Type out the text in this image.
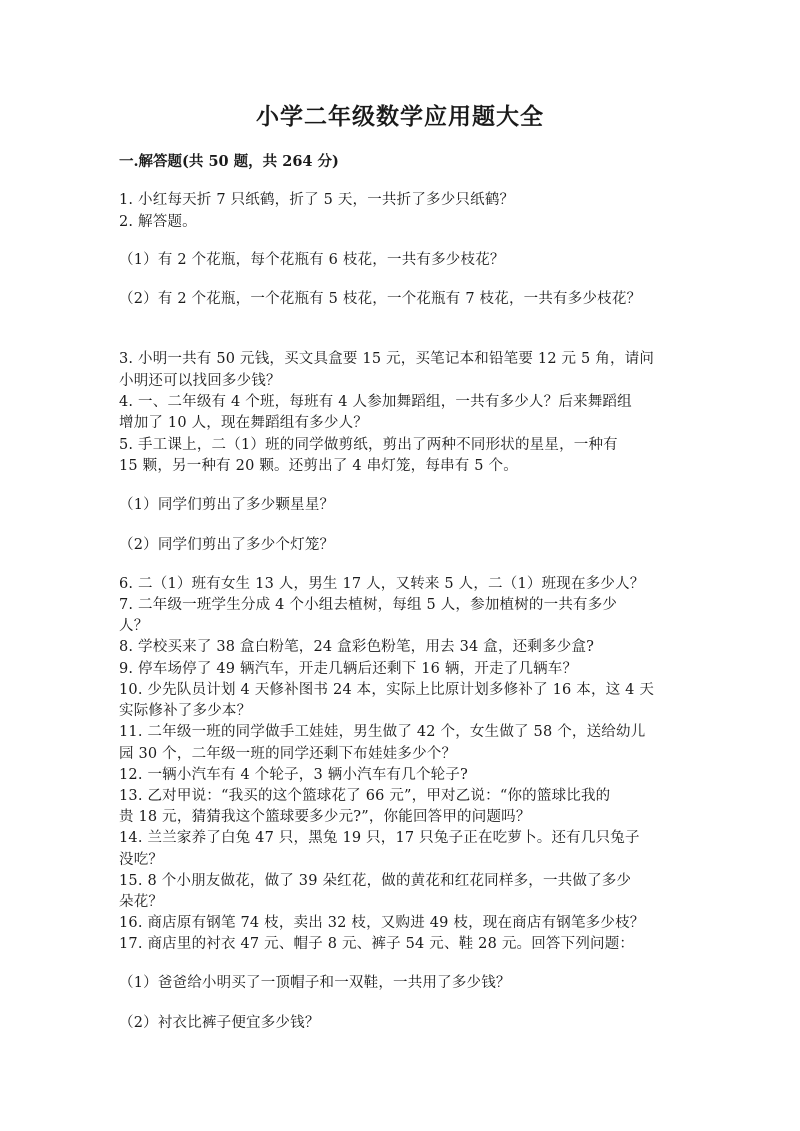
小学二年级数学应用题大全
一.解答题(共 50 题，共 264 分)
1. 小红每天折 7 只纸鹤，折了 5 天，一共折了多少只纸鹤？
2. 解答题。
（1）有 2 个花瓶，每个花瓶有 6 枝花，一共有多少枝花？
（2）有 2 个花瓶，一个花瓶有 5 枝花，一个花瓶有 7 枝花，一共有多少枝花？
3. 小明一共有 50 元钱，买文具盒要 15 元，买笔记本和铅笔要 12 元 5 角，请问
小明还可以找回多少钱？
4. 一、二年级有 4 个班，每班有 4 人参加舞蹈组，一共有多少人？后来舞蹈组
增加了 10 人，现在舞蹈组有多少人？
5. 手工课上，二（1）班的同学做剪纸，剪出了两种不同形状的星星，一种有
15 颗，另一种有 20 颗。还剪出了 4 串灯笼，每串有 5 个。
（1）同学们剪出了多少颗星星？
（2）同学们剪出了多少个灯笼？
6. 二（1）班有女生 13 人，男生 17 人，又转来 5 人，二（1）班现在多少人？
7. 二年级一班学生分成 4 个小组去植树，每组 5 人，参加植树的一共有多少
人？
8. 学校买来了 38 盒白粉笔，24 盒彩色粉笔，用去 34 盒，还剩多少盒?
9. 停车场停了 49 辆汽车，开走几辆后还剩下 16 辆，开走了几辆车？
10. 少先队员计划 4 天修补图书 24 本，实际上比原计划多修补了 16 本，这 4 天
实际修补了多少本？
11. 二年级一班的同学做手工娃娃，男生做了 42 个，女生做了 58 个，送给幼儿
园 30 个，二年级一班的同学还剩下布娃娃多少个？
12. 一辆小汽车有 4 个轮子，3 辆小汽车有几个轮子?
13. 乙对甲说：“我买的这个篮球花了 66 元”，甲对乙说：“你的篮球比我的
贵 18 元，猜猜我这个篮球要多少元?”，你能回答甲的问题吗？
14. 兰兰家养了白兔 47 只，黑兔 19 只，17 只兔子正在吃萝卜。还有几只兔子
没吃？
15. 8 个小朋友做花，做了 39 朵红花，做的黄花和红花同样多，一共做了多少
朵花？
16. 商店原有钢笔 74 枝，卖出 32 枝，又购进 49 枝，现在商店有钢笔多少枝？
17. 商店里的衬衣 47 元、帽子 8 元、裤子 54 元、鞋 28 元。回答下列问题：
（1）爸爸给小明买了一顶帽子和一双鞋，一共用了多少钱？
（2）衬衣比裤子便宜多少钱？
